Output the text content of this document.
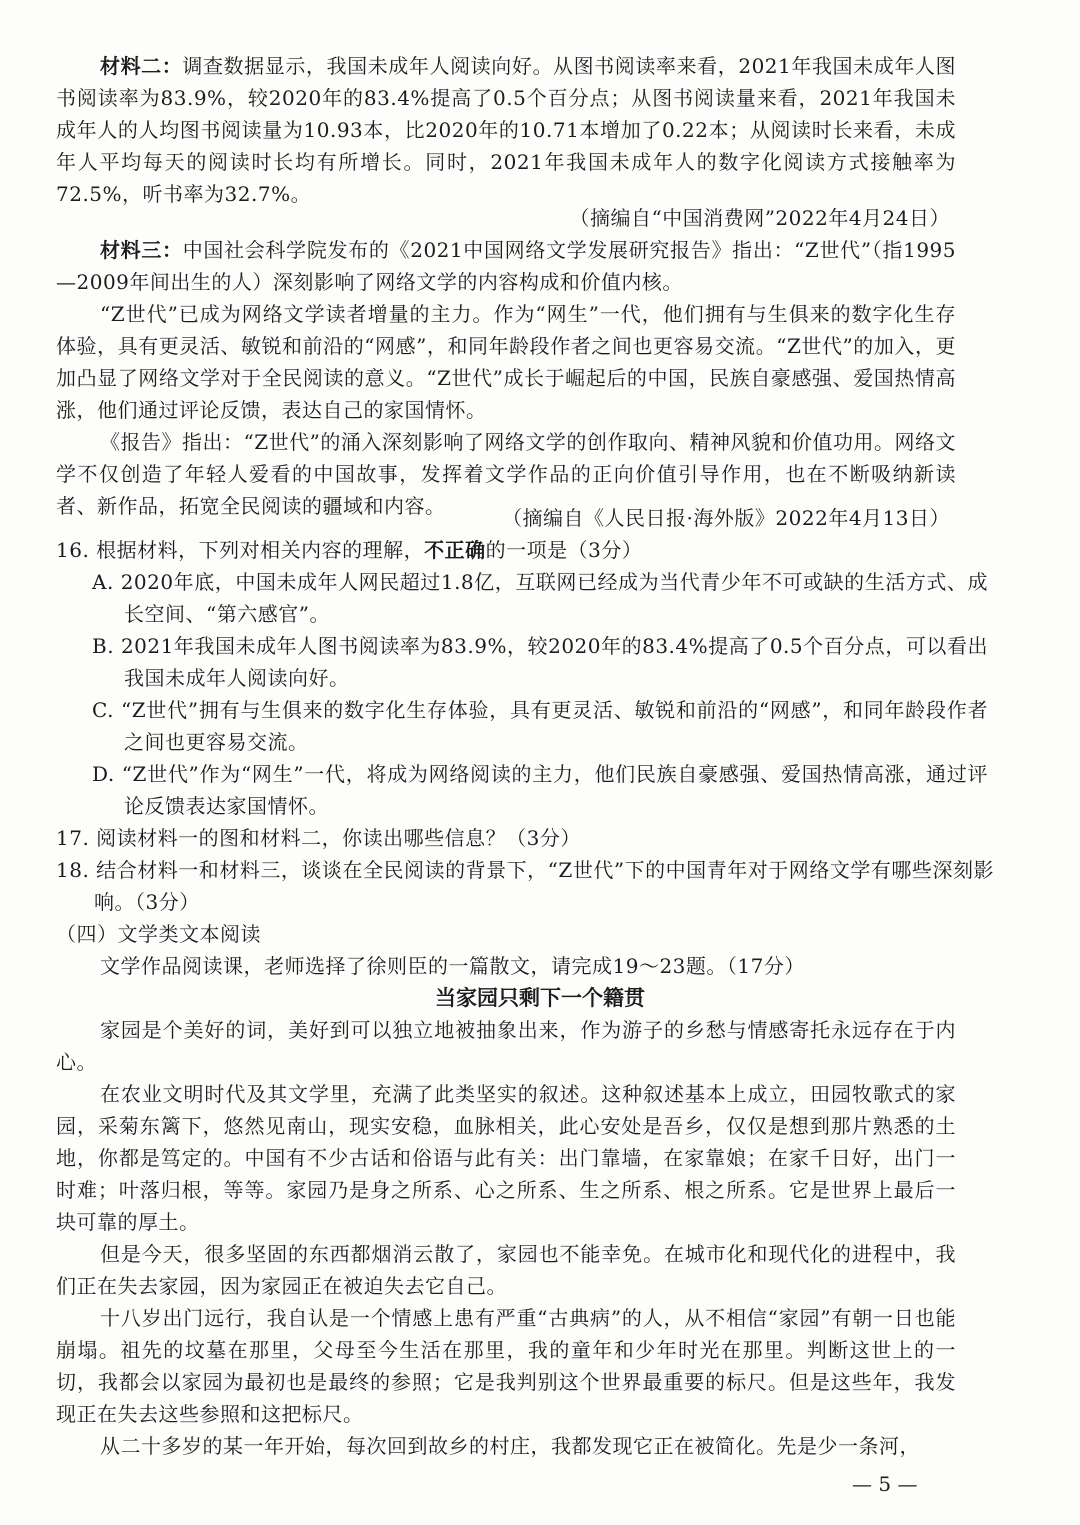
材料二：调查数据显示，我国未成年人阅读向好。从图书阅读率来看，2021年我国未成年人图书阅读率为83.9%，较2020年的83.4%提高了0.5个百分点；从图书阅读量来看，2021年我国未成年人的人均图书阅读量为10.93本，比2020年的10.71本增加了0.22本；从阅读时长来看，未成年人平均每天的阅读时长均有所增长。同时，2021年我国未成年人的数字化阅读方式接触率为72.5%，听书率为32.7%。

（摘编自“中国消费网”2022年4月24日）

材料三：中国社会科学院发布的《2021中国网络文学发展研究报告》指出：“Z世代”（指1995—2009年间出生的人）深刻影响了网络文学的内容构成和价值内核。

“Z世代”已成为网络文学读者增量的主力。作为“网生”一代，他们拥有与生俱来的数字化生存体验，具有更灵活、敏锐和前沿的“网感”，和同年龄段作者之间也更容易交流。“Z世代”的加入，更加凸显了网络文学对于全民阅读的意义。“Z世代”成长于崛起后的中国，民族自豪感强、爱国热情高涨，他们通过评论反馈，表达自己的家国情怀。

《报告》指出：“Z世代”的涌入深刻影响了网络文学的创作取向、精神风貌和价值功用。网络文学不仅创造了年轻人爱看的中国故事，发挥着文学作品的正向价值引导作用，也在不断吸纳新读者、新作品，拓宽全民阅读的疆域和内容。	（摘编自《人民日报·海外版》2022年4月13日）

16. 根据材料，下列对相关内容的理解，不正确的一项是（3分）

A. 2020年底，中国未成年人网民超过1.8亿，互联网已经成为当代青少年不可或缺的生活方式、成长空间、“第六感官”。

B. 2021年我国未成年人图书阅读率为83.9%，较2020年的83.4%提高了0.5个百分点，可以看出我国未成年人阅读向好。

C. “Z世代”拥有与生俱来的数字化生存体验，具有更灵活、敏锐和前沿的“网感”，和同年龄段作者之间也更容易交流。

D. “Z世代”作为“网生”一代，将成为网络阅读的主力，他们民族自豪感强、爱国热情高涨，通过评论反馈表达家国情怀。

17. 阅读材料一的图和材料二，你读出哪些信息？（3分）

18. 结合材料一和材料三，谈谈在全民阅读的背景下，“Z世代”下的中国青年对于网络文学有哪些深刻影响。（3分）

（四）文学类文本阅读

文学作品阅读课，老师选择了徐则臣的一篇散文，请完成19～23题。（17分）

当家园只剩下一个籍贯

家园是个美好的词，美好到可以独立地被抽象出来，作为游子的乡愁与情感寄托永远存在于内心。

在农业文明时代及其文学里，充满了此类坚实的叙述。这种叙述基本上成立，田园牧歌式的家园，采菊东篱下，悠然见南山，现实安稳，血脉相关，此心安处是吾乡，仅仅是想到那片熟悉的土地，你都是笃定的。中国有不少古话和俗语与此有关：出门靠墙，在家靠娘；在家千日好，出门一时难；叶落归根，等等。家园乃是身之所系、心之所系、生之所系、根之所系。它是世界上最后一块可靠的厚土。

但是今天，很多坚固的东西都烟消云散了，家园也不能幸免。在城市化和现代化的进程中，我们正在失去家园，因为家园正在被迫失去它自己。

十八岁出门远行，我自认是一个情感上患有严重“古典病”的人，从不相信“家园”有朝一日也能崩塌。祖先的坟墓在那里，父母至今生活在那里，我的童年和少年时光在那里。判断这世上的一切，我都会以家园为最初也是最终的参照；它是我判别这个世界最重要的标尺。但是这些年，我发现正在失去这些参照和这把标尺。

从二十多岁的某一年开始，每次回到故乡的村庄，我都发现它正在被简化。先是少一条河，

— 5 —
